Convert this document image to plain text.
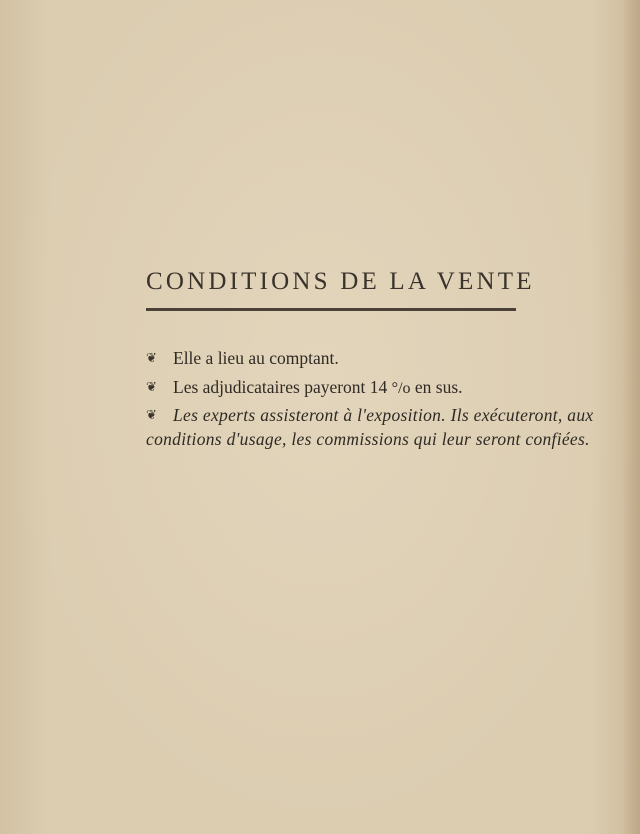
CONDITIONS DE LA VENTE
❦ Elle a lieu au comptant.
❦ Les adjudicataires payeront 14 °/o en sus.
❦ Les experts assisteront à l'exposition. Ils exécuteront, aux
conditions d'usage, les commissions qui leur seront confiées.
